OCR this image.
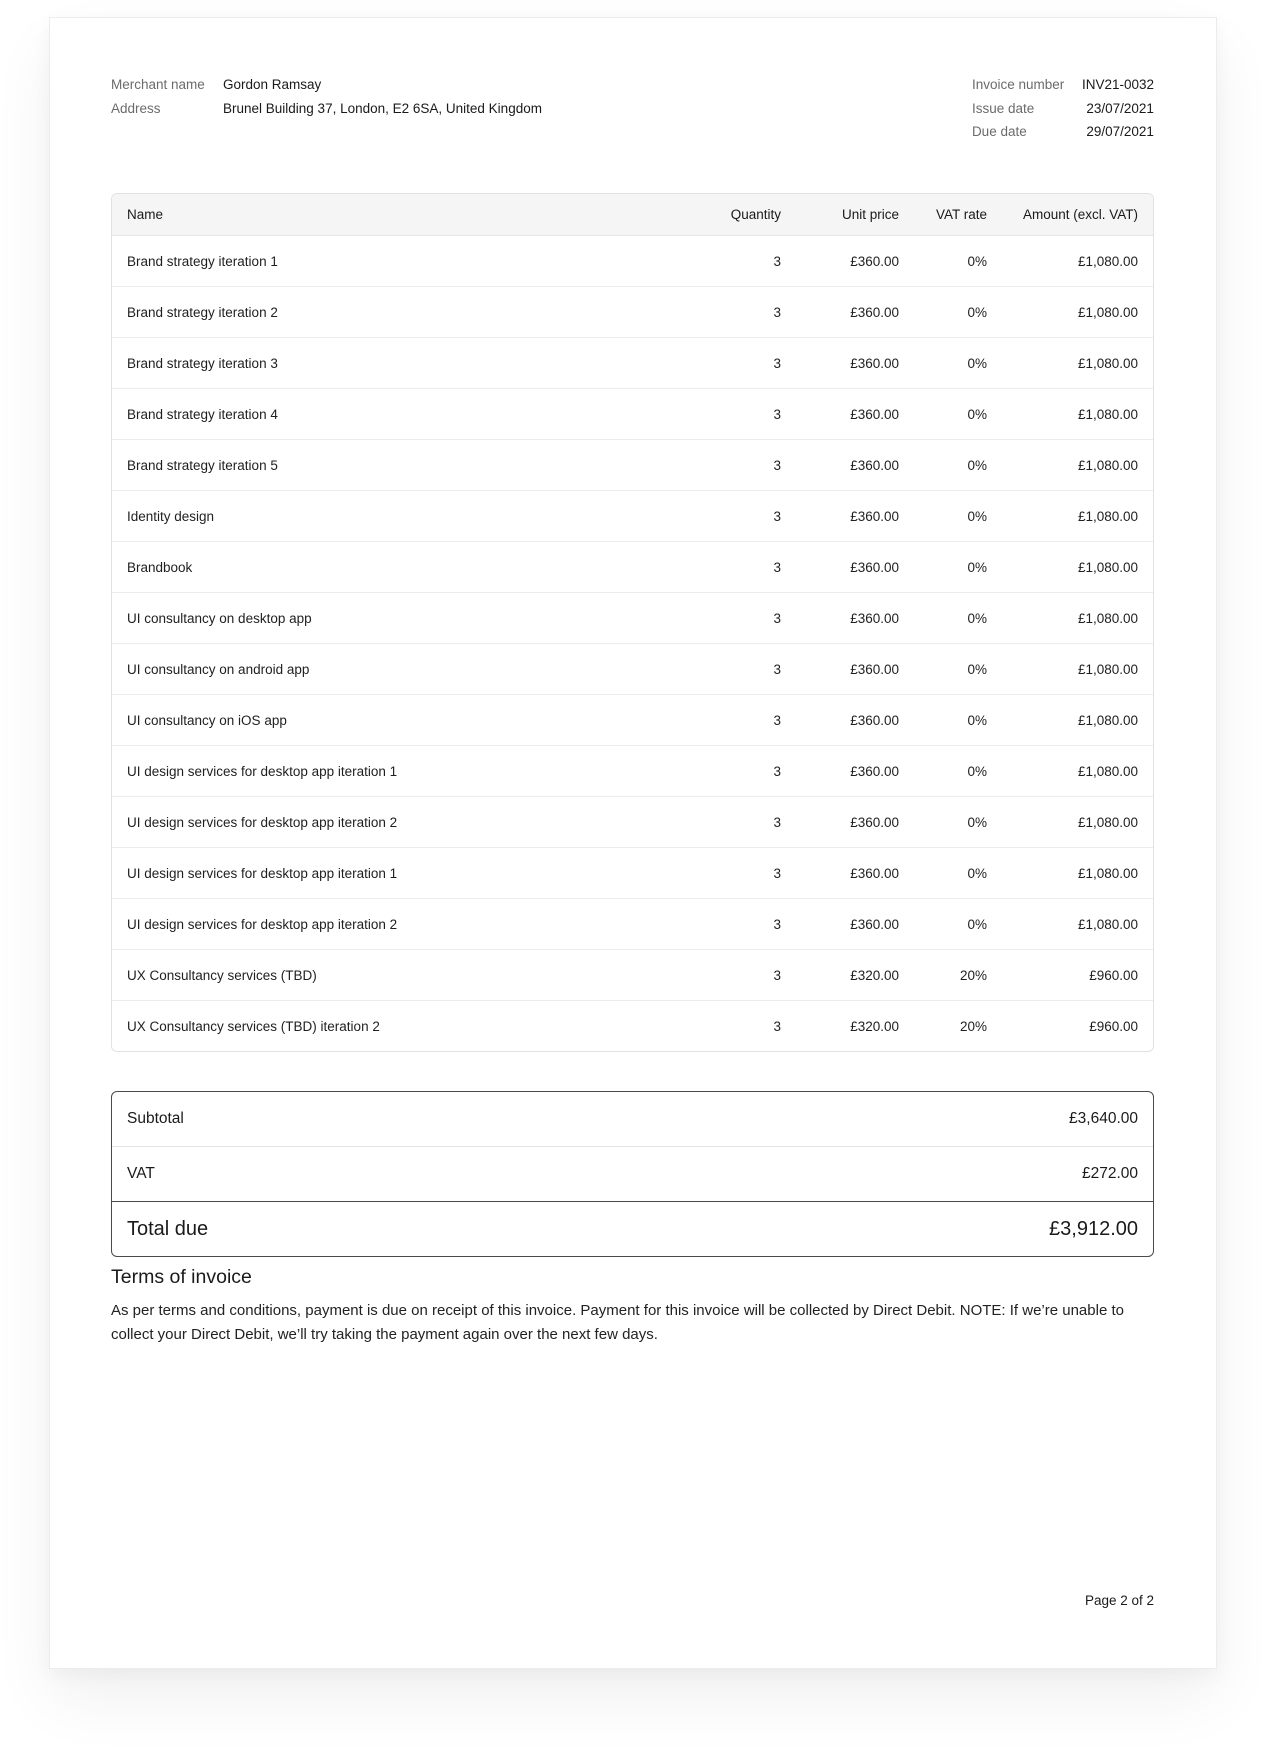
Merchant name	Gordon Ramsay
Address	Brunel Building 37, London, E2 6SA, United Kingdom
Invoice number	INV21-0032
Issue date	23/07/2021
Due date	29/07/2021
Name	Quantity	Unit price	VAT rate	Amount (excl. VAT)
Brand strategy iteration 1	3	£360.00	0%	£1,080.00
Brand strategy iteration 2	3	£360.00	0%	£1,080.00
Brand strategy iteration 3	3	£360.00	0%	£1,080.00
Brand strategy iteration 4	3	£360.00	0%	£1,080.00
Brand strategy iteration 5	3	£360.00	0%	£1,080.00
Identity design	3	£360.00	0%	£1,080.00
Brandbook	3	£360.00	0%	£1,080.00
UI consultancy on desktop app	3	£360.00	0%	£1,080.00
UI consultancy on android app	3	£360.00	0%	£1,080.00
UI consultancy on iOS app	3	£360.00	0%	£1,080.00
UI design services for desktop app iteration 1	3	£360.00	0%	£1,080.00
UI design services for desktop app iteration 2	3	£360.00	0%	£1,080.00
UI design services for desktop app iteration 1	3	£360.00	0%	£1,080.00
UI design services for desktop app iteration 2	3	£360.00	0%	£1,080.00
UX Consultancy services (TBD)	3	£320.00	20%	£960.00
UX Consultancy services (TBD) iteration 2	3	£320.00	20%	£960.00
Subtotal	£3,640.00
VAT	£272.00
Total due	£3,912.00
Terms of invoice
As per terms and conditions, payment is due on receipt of this invoice. Payment for this invoice will be collected by Direct Debit. NOTE: If we’re unable to collect your Direct Debit, we’ll try taking the payment again over the next few days.
Page 2 of 2
